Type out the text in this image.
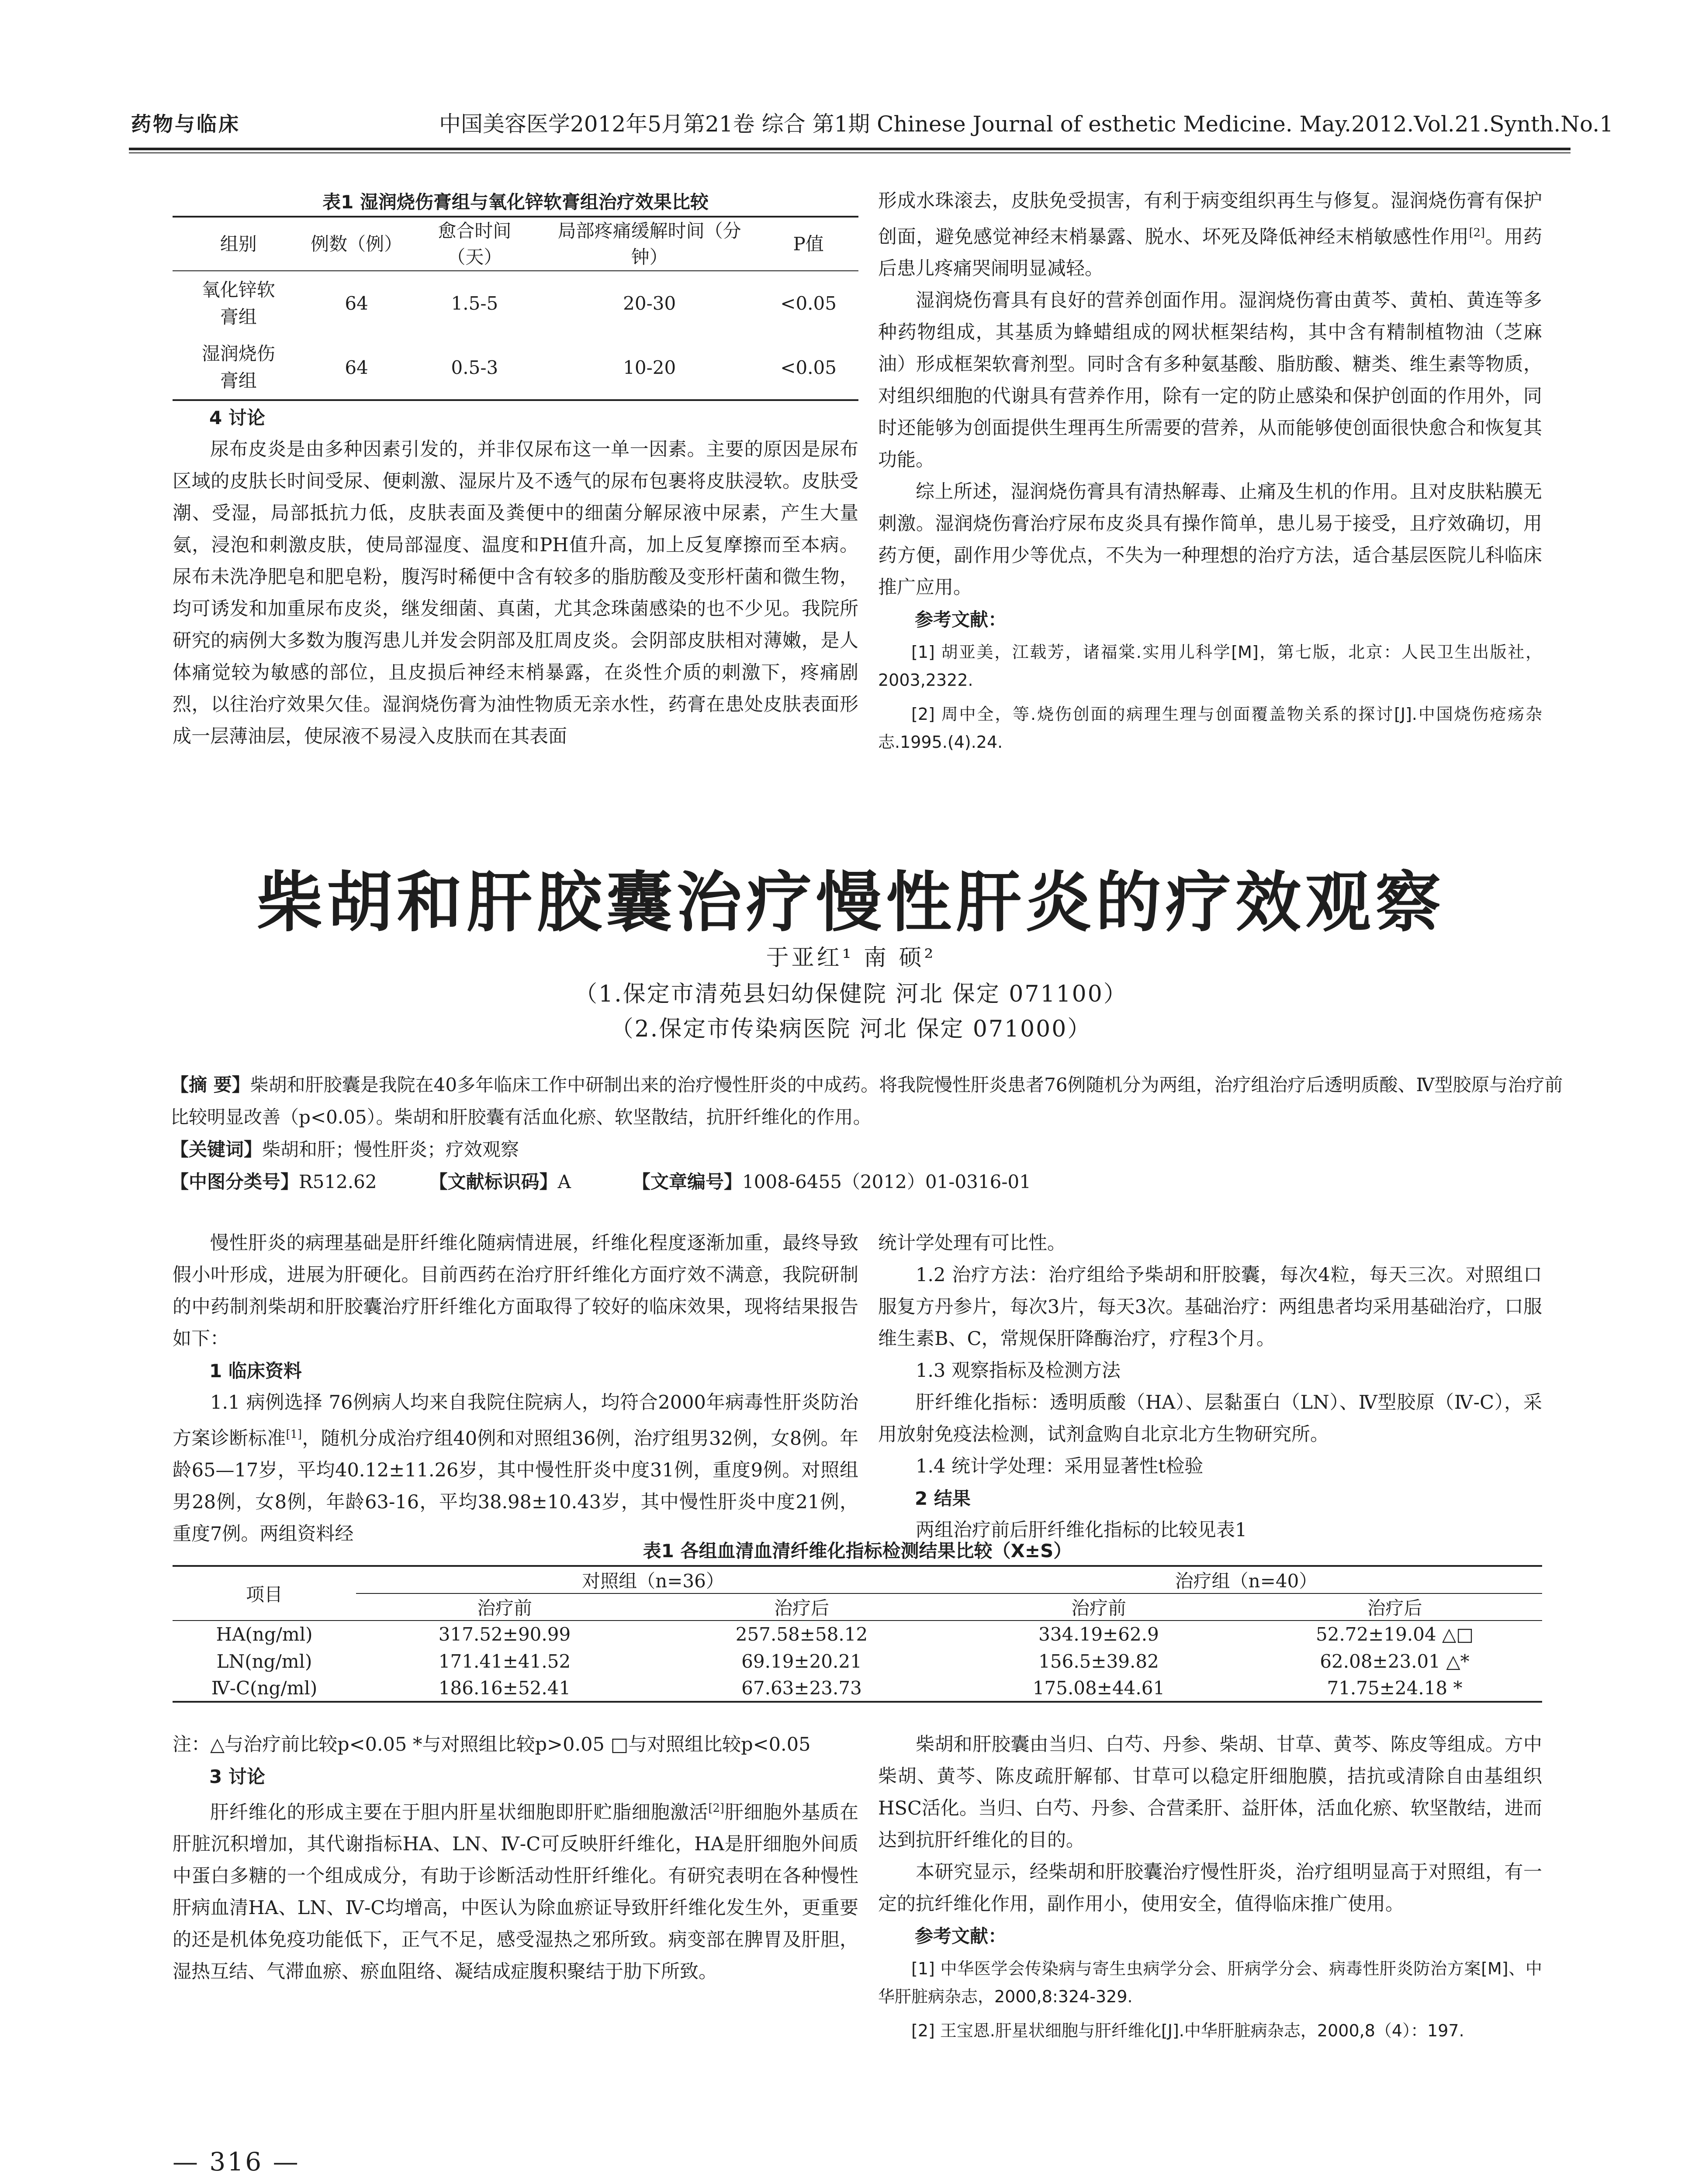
药物与临床	中国美容医学2012年5月第21卷 综合 第1期 Chinese Journal of esthetic Medicine. May.2012.Vol.21.Synth.No.1
表1 湿润烧伤膏组与氧化锌软膏组治疗效果比较
组别	例数（例）	愈合时间（天）	局部疼痛缓解时间（分钟）	P值
氧化锌软膏组	64	1.5-5	20-30	<0.05
湿润烧伤膏组	64	0.5-3	10-20	<0.05

4 讨论

尿布皮炎是由多种因素引发的，并非仅尿布这一单一因素。主要的原因是尿布区域的皮肤长时间受尿、便刺激、湿尿片及不透气的尿布包裹将皮肤浸软。皮肤受潮、受湿，局部抵抗力低，皮肤表面及粪便中的细菌分解尿液中尿素，产生大量氨，浸泡和刺激皮肤，使局部湿度、温度和PH值升高，加上反复摩擦而至本病。尿布未洗净肥皂和肥皂粉，腹泻时稀便中含有较多的脂肪酸及变形杆菌和微生物，均可诱发和加重尿布皮炎，继发细菌、真菌，尤其念珠菌感染的也不少见。我院所研究的病例大多数为腹泻患儿并发会阴部及肛周皮炎。会阴部皮肤相对薄嫩，是人体痛觉较为敏感的部位，且皮损后神经末梢暴露，在炎性介质的刺激下，疼痛剧烈，以往治疗效果欠佳。湿润烧伤膏为油性物质无亲水性，药膏在患处皮肤表面形成一层薄油层，使尿液不易浸入皮肤而在其表面

形成水珠滚去，皮肤免受损害，有利于病变组织再生与修复。湿润烧伤膏有保护创面，避免感觉神经末梢暴露、脱水、坏死及降低神经末梢敏感性作用[2]。用药后患儿疼痛哭闹明显减轻。

湿润烧伤膏具有良好的营养创面作用。湿润烧伤膏由黄芩、黄柏、黄连等多种药物组成，其基质为蜂蜡组成的网状框架结构，其中含有精制植物油（芝麻油）形成框架软膏剂型。同时含有多种氨基酸、脂肪酸、糖类、维生素等物质，对组织细胞的代谢具有营养作用，除有一定的防止感染和保护创面的作用外，同时还能够为创面提供生理再生所需要的营养，从而能够使创面很快愈合和恢复其功能。

综上所述，湿润烧伤膏具有清热解毒、止痛及生机的作用。且对皮肤粘膜无刺激。湿润烧伤膏治疗尿布皮炎具有操作简单，患儿易于接受，且疗效确切，用药方便，副作用少等优点，不失为一种理想的治疗方法，适合基层医院儿科临床推广应用。

参考文献：

[1] 胡亚美，江载芳，诸福棠.实用儿科学[M]，第七版，北京：人民卫生出版社，2003,2322.

[2] 周中全，等.烧伤创面的病理生理与创面覆盖物关系的探讨[J].中国烧伤疮疡杂志.1995.(4).24.

柴胡和肝胶囊治疗慢性肝炎的疗效观察
于亚红¹ 南 硕²
（1.保定市清苑县妇幼保健院 河北 保定 071100）
（2.保定市传染病医院 河北 保定 071000）
【摘 要】柴胡和肝胶囊是我院在40多年临床工作中研制出来的治疗慢性肝炎的中成药。将我院慢性肝炎患者76例随机分为两组，治疗组治疗后透明质酸、Ⅳ型胶原与治疗前比较明显改善（p<0.05）。柴胡和肝胶囊有活血化瘀、软坚散结，抗肝纤维化的作用。
【关键词】柴胡和肝；慢性肝炎；疗效观察
【中图分类号】R512.62	【文献标识码】A	【文章编号】1008-6455（2012）01-0316-01

慢性肝炎的病理基础是肝纤维化随病情进展，纤维化程度逐渐加重，最终导致假小叶形成，进展为肝硬化。目前西药在治疗肝纤维化方面疗效不满意，我院研制的中药制剂柴胡和肝胶囊治疗肝纤维化方面取得了较好的临床效果，现将结果报告如下：

1 临床资料

1.1 病例选择 76例病人均来自我院住院病人，均符合2000年病毒性肝炎防治方案诊断标准[1]，随机分成治疗组40例和对照组36例，治疗组男32例，女8例。年龄65—17岁，平均40.12±11.26岁，其中慢性肝炎中度31例，重度9例。对照组男28例，女8例，年龄63-16，平均38.98±10.43岁，其中慢性肝炎中度21例，重度7例。两组资料经

统计学处理有可比性。

1.2 治疗方法：治疗组给予柴胡和肝胶囊，每次4粒，每天三次。对照组口服复方丹参片，每次3片，每天3次。基础治疗：两组患者均采用基础治疗，口服维生素B、C，常规保肝降酶治疗，疗程3个月。

1.3 观察指标及检测方法

肝纤维化指标：透明质酸（HA）、层黏蛋白（LN）、Ⅳ型胶原（Ⅳ-C），采用放射免疫法检测，试剂盒购自北京北方生物研究所。

1.4 统计学处理：采用显著性t检验

2 结果

两组治疗前后肝纤维化指标的比较见表1

表1 各组血清血清纤维化指标检测结果比较（X±S）
项目	对照组（n=36）		治疗组（n=40）	
	治疗前	治疗后	治疗前	治疗后
HA(ng/ml)	317.52±90.99	257.58±58.12	334.19±62.9	52.72±19.04 △□
LN(ng/ml)	171.41±41.52	69.19±20.21	156.5±39.82	62.08±23.01 △*
Ⅳ-C(ng/ml)	186.16±52.41	67.63±23.73	175.08±44.61	71.75±24.18 *

注：△与治疗前比较p<0.05 *与对照组比较p>0.05 □与对照组比较p<0.05

3 讨论

肝纤维化的形成主要在于胆内肝星状细胞即肝贮脂细胞激活[2]肝细胞外基质在肝脏沉积增加，其代谢指标HA、LN、Ⅳ-C可反映肝纤维化，HA是肝细胞外间质中蛋白多糖的一个组成成分，有助于诊断活动性肝纤维化。有研究表明在各种慢性肝病血清HA、LN、Ⅳ-C均增高，中医认为除血瘀证导致肝纤维化发生外，更重要的还是机体免疫功能低下，正气不足，感受湿热之邪所致。病变部在脾胃及肝胆，湿热互结、气滞血瘀、瘀血阻络、凝结成症腹积聚结于肋下所致。

柴胡和肝胶囊由当归、白芍、丹参、柴胡、甘草、黄芩、陈皮等组成。方中柴胡、黄芩、陈皮疏肝解郁、甘草可以稳定肝细胞膜，拮抗或清除自由基组织HSC活化。当归、白芍、丹参、合营柔肝、益肝体，活血化瘀、软坚散结，进而达到抗肝纤维化的目的。

本研究显示，经柴胡和肝胶囊治疗慢性肝炎，治疗组明显高于对照组，有一定的抗纤维化作用，副作用小，使用安全，值得临床推广使用。

参考文献：

[1] 中华医学会传染病与寄生虫病学分会、肝病学分会、病毒性肝炎防治方案[M]、中华肝脏病杂志，2000,8:324-329.

[2] 王宝恩.肝星状细胞与肝纤维化[J].中华肝脏病杂志，2000,8（4）：197.

— 316 —
